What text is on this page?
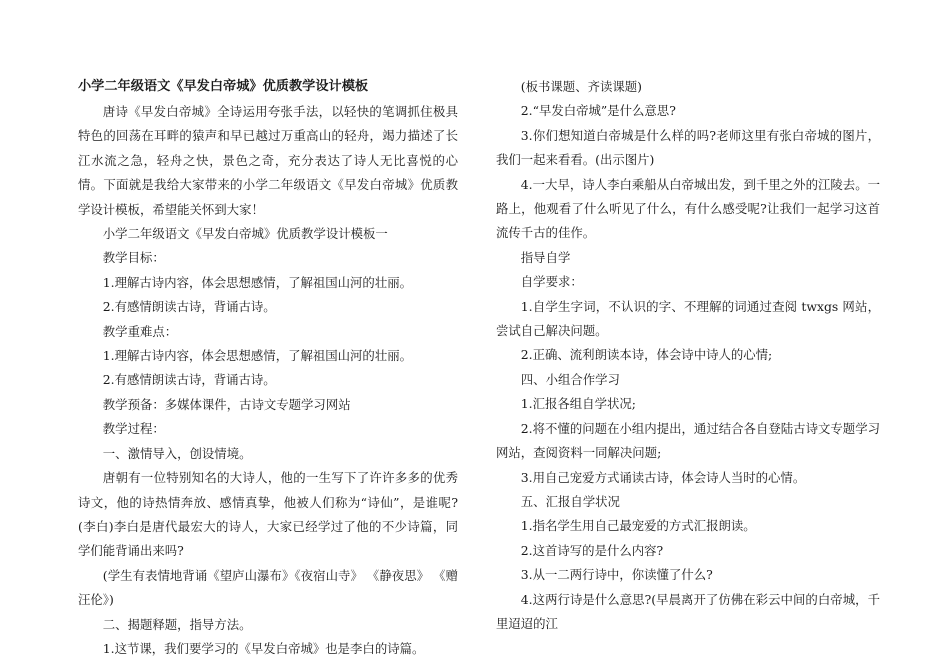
小学二年级语文《早发白帝城》优质教学设计模板

唐诗《早发白帝城》全诗运用夸张手法，以轻快的笔调抓住极具特色的回荡在耳畔的猿声和早已越过万重高山的轻舟，竭力描述了长江水流之急，轻舟之快，景色之奇，充分表达了诗人无比喜悦的心情。下面就是我给大家带来的小学二年级语文《早发白帝城》优质教学设计模板，希望能关怀到大家！

小学二年级语文《早发白帝城》优质教学设计模板一

教学目标：

1.理解古诗内容，体会思想感情，了解祖国山河的壮丽。

2.有感情朗读古诗，背诵古诗。

教学重难点：

1.理解古诗内容，体会思想感情，了解祖国山河的壮丽。

2.有感情朗读古诗，背诵古诗。

教学预备：多媒体课件，古诗文专题学习网站

教学过程：

一、激情导入，创设情境。

唐朝有一位特别知名的大诗人，他的一生写下了许许多多的优秀诗文，他的诗热情奔放、感情真挚，他被人们称为“诗仙”，是谁呢?(李白)李白是唐代最宏大的诗人，大家已经学过了他的不少诗篇，同学们能背诵出来吗?

(学生有表情地背诵《望庐山瀑布》《夜宿山寺》 《静夜思》 《赠汪伦》)

二、揭题释题，指导方法。

1.这节课，我们要学习的《早发白帝城》也是李白的诗篇。

(板书课题、齐读课题)

2.“早发白帝城”是什么意思?

3.你们想知道白帝城是什么样的吗?老师这里有张白帝城的图片，我们一起来看看。(出示图片)

4.一大早，诗人李白乘船从白帝城出发，到千里之外的江陵去。一路上，他观看了什么听见了什么，有什么感受呢?让我们一起学习这首流传千古的佳作。

指导自学

自学要求：

1.自学生字词，不认识的字、不理解的词通过查阅 twxgs 网站，尝试自己解决问题。

2.正确、流利朗读本诗，体会诗中诗人的心情;

四、小组合作学习

1.汇报各组自学状况;

2.将不懂的问题在小组内提出，通过结合各自登陆古诗文专题学习网站，查阅资料一同解决问题;

3.用自己宠爱方式诵读古诗，体会诗人当时的心情。

五、汇报自学状况

1.指名学生用自己最宠爱的方式汇报朗读。

2.这首诗写的是什么内容?

3.从一二两行诗中，你读懂了什么?

4.这两行诗是什么意思?(早晨离开了仿佛在彩云中间的白帝城，千里迢迢的江
